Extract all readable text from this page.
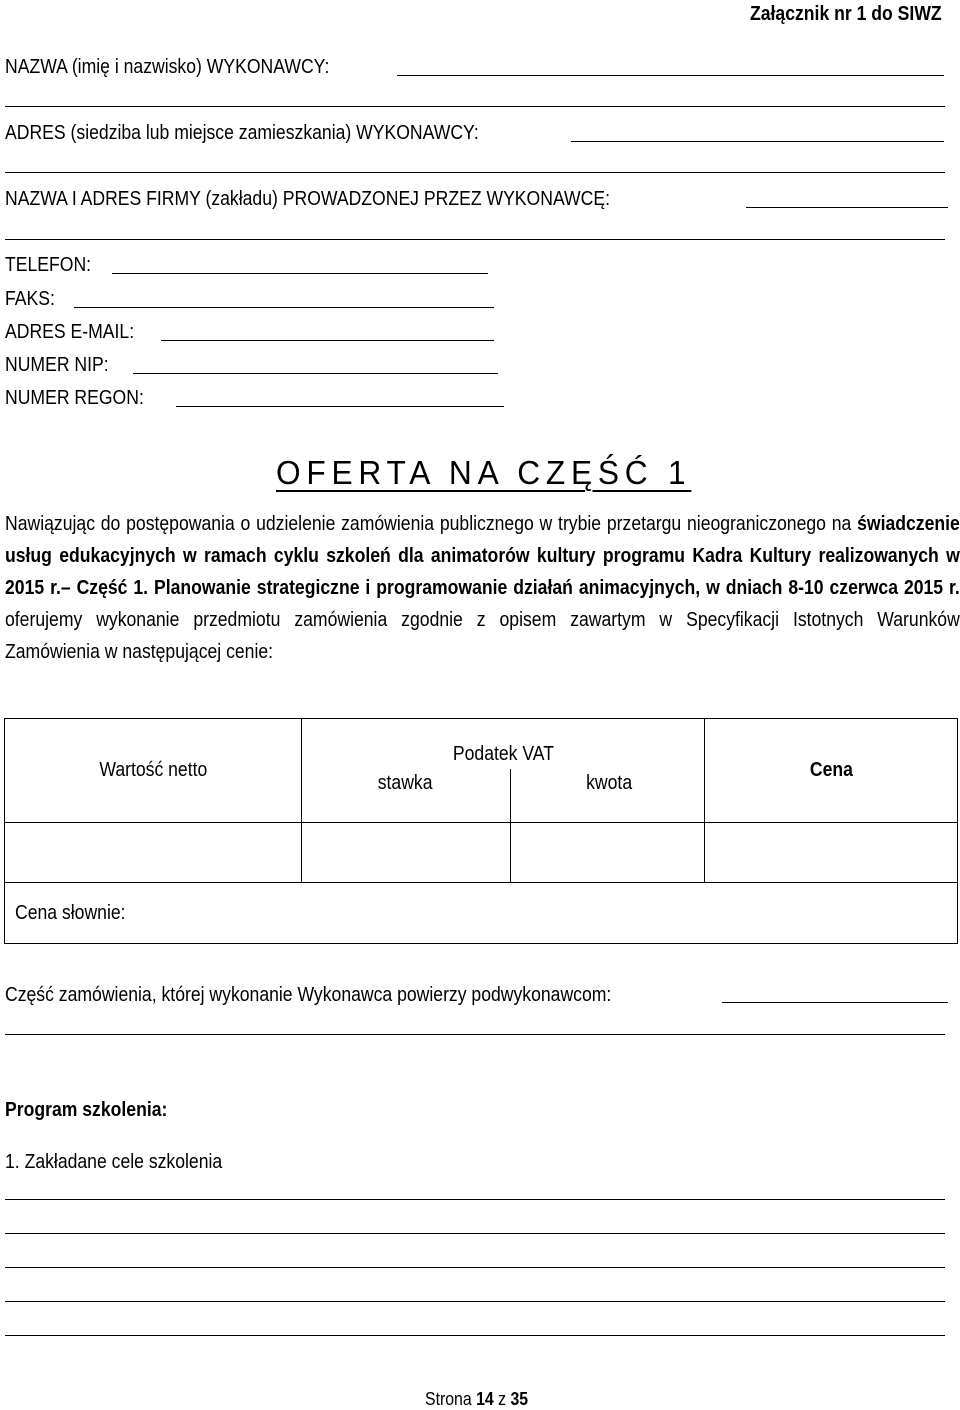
Załącznik nr 1 do SIWZ
NAZWA (imię i nazwisko) WYKONAWCY:
ADRES (siedziba lub miejsce zamieszkania) WYKONAWCY:
NAZWA I ADRES FIRMY (zakładu) PROWADZONEJ PRZEZ WYKONAWCĘ:
TELEFON:
FAKS:
ADRES E-MAIL:
NUMER NIP:
NUMER REGON:
OFERTA NA CZĘŚĆ 1
Nawiązując do postępowania o udzielenie zamówienia publicznego w trybie przetargu nieograniczonego na świadczenie usług edukacyjnych w ramach cyklu szkoleń dla animatorów kultury programu Kadra Kultury realizowanych w 2015 r.– Część 1. Planowanie strategiczne i programowanie działań animacyjnych, w dniach 8-10 czerwca 2015 r. oferujemy wykonanie przedmiotu zamówienia zgodnie z opisem zawartym w Specyfikacji Istotnych Warunków Zamówienia w następującej cenie:
Wartość netto	Podatek VAT		Cena
	stawka	kwota	

Cena słownie:			
Część zamówienia, której wykonanie Wykonawca powierzy podwykonawcom:
Program szkolenia:
1. Zakładane cele szkolenia
Strona 14 z 35
